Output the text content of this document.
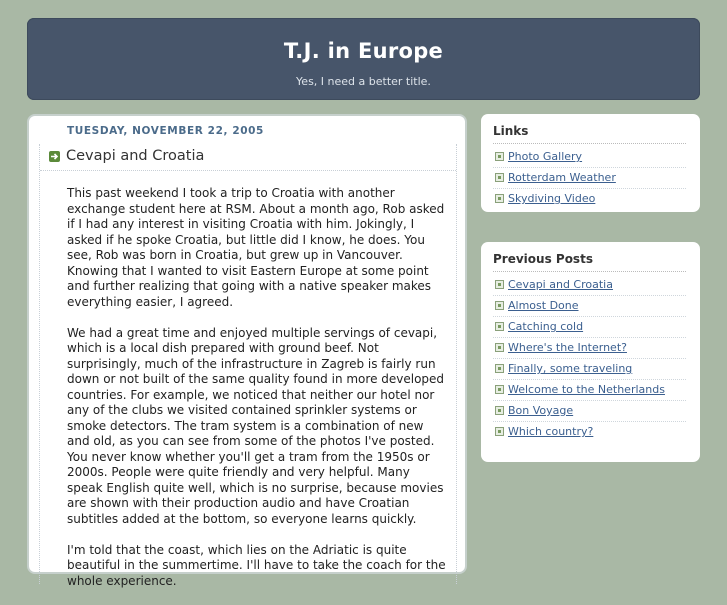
T.J. in Europe
Yes, I need a better title.
TUESDAY, NOVEMBER 22, 2005
Cevapi and Croatia

This past weekend I took a trip to Croatia with another exchange student here at RSM. About a month ago, Rob asked if I had any interest in visiting Croatia with him. Jokingly, I asked if he spoke Croatia, but little did I know, he does. You see, Rob was born in Croatia, but grew up in Vancouver. Knowing that I wanted to visit Eastern Europe at some point and further realizing that going with a native speaker makes everything easier, I agreed.

We had a great time and enjoyed multiple servings of cevapi, which is a local dish prepared with ground beef. Not surprisingly, much of the infrastructure in Zagreb is fairly run down or not built of the same quality found in more developed countries. For example, we noticed that neither our hotel nor any of the clubs we visited contained sprinkler systems or smoke detectors. The tram system is a combination of new and old, as you can see from some of the photos I've posted. You never know whether you'll get a tram from the 1950s or 2000s. People were quite friendly and very helpful. Many speak English quite well, which is no surprise, because movies are shown with their production audio and have Croatian subtitles added at the bottom, so everyone learns quickly.

I'm told that the coast, which lies on the Adriatic is quite beautiful in the summertime. I'll have to take the coach for the whole experience.

Links
Photo Gallery
Rotterdam Weather
Skydiving Video
Previous Posts
Cevapi and Croatia
Almost Done
Catching cold
Where's the Internet?
Finally, some traveling
Welcome to the Netherlands
Bon Voyage
Which country?
